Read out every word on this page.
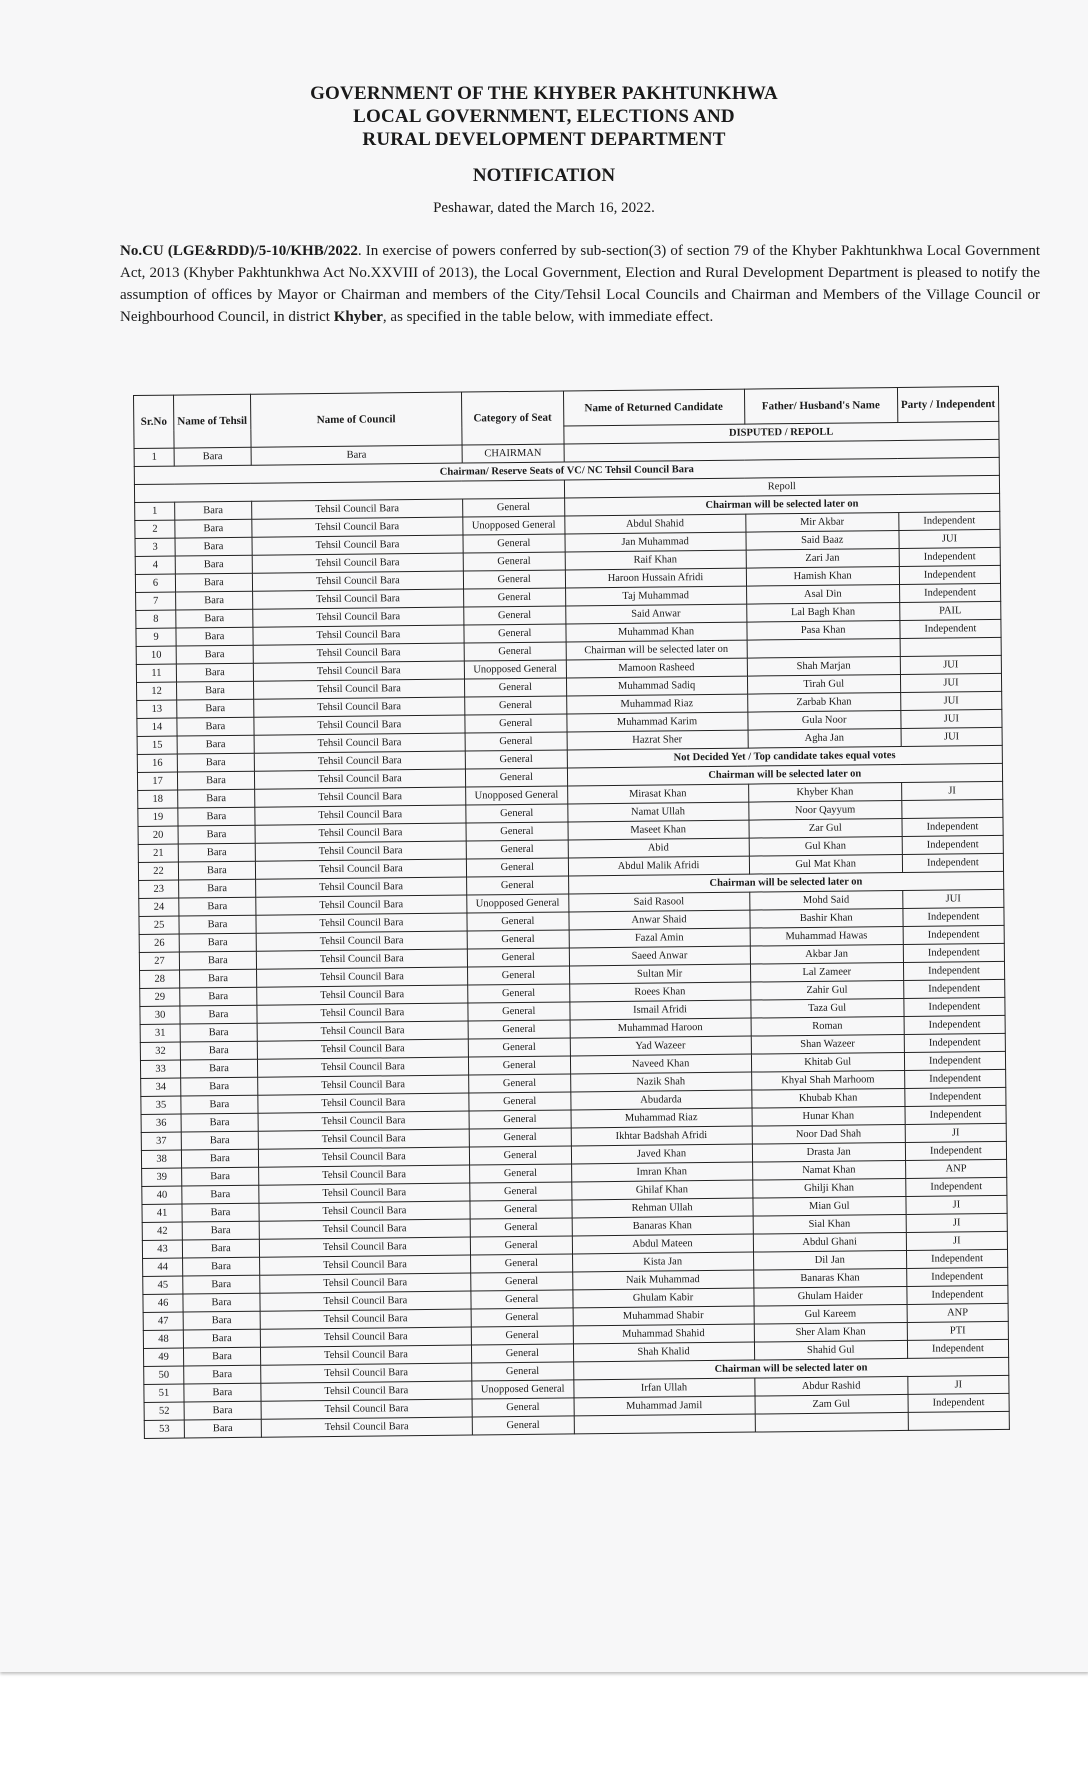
GOVERNMENT OF THE KHYBER PAKHTUNKHWA
LOCAL GOVERNMENT, ELECTIONS AND
RURAL DEVELOPMENT DEPARTMENT
NOTIFICATION
Peshawar, dated the March 16, 2022.
No.CU (LGE&RDD)/5-10/KHB/2022. In exercise of powers conferred by sub-section(3) of section 79 of the Khyber Pakhtunkhwa Local Government Act, 2013 (Khyber Pakhtunkhwa Act No.XXVIII of 2013), the Local Government, Election and Rural Development Department is pleased to notify the assumption of offices by Mayor or Chairman and members of the City/Tehsil Local Councils and Chairman and Members of the Village Council or Neighbourhood Council, in district Khyber, as specified in the table below, with immediate effect.
Sr.No	Name of Tehsil	Name of Council	Category of Seat	Name of Returned Candidate	Father/ Husband's Name	Party / Independent
				DISPUTED / REPOLL		
1	Bara	Bara	CHAIRMAN			
Chairman/ Reserve Seats of VC/ NC Tehsil Council Bara						
				Repoll		
1	Bara	Tehsil Council Bara	General	Chairman will be selected later on		
2	Bara	Tehsil Council Bara	Unopposed General	Abdul Shahid	Mir Akbar	Independent
3	Bara	Tehsil Council Bara	General	Jan Muhammad	Said Baaz	JUI
4	Bara	Tehsil Council Bara	General	Raif Khan	Zari Jan	Independent
6	Bara	Tehsil Council Bara	General	Haroon Hussain Afridi	Hamish Khan	Independent
7	Bara	Tehsil Council Bara	General	Taj Muhammad	Asal Din	Independent
8	Bara	Tehsil Council Bara	General	Said Anwar	Lal Bagh Khan	PAIL
9	Bara	Tehsil Council Bara	General	Muhammad Khan	Pasa Khan	Independent
10	Bara	Tehsil Council Bara	General	Chairman will be selected later on		
11	Bara	Tehsil Council Bara	Unopposed General	Mamoon Rasheed	Shah Marjan	JUI
12	Bara	Tehsil Council Bara	General	Muhammad Sadiq	Tirah Gul	JUI
13	Bara	Tehsil Council Bara	General	Muhammad Riaz	Zarbab Khan	JUI
14	Bara	Tehsil Council Bara	General	Muhammad Karim	Gula Noor	JUI
15	Bara	Tehsil Council Bara	General	Hazrat Sher	Agha Jan	JUI
16	Bara	Tehsil Council Bara	General	Not Decided Yet / Top candidate takes equal votes		
17	Bara	Tehsil Council Bara	General	Chairman will be selected later on		
18	Bara	Tehsil Council Bara	Unopposed General	Mirasat Khan	Khyber Khan	JI
19	Bara	Tehsil Council Bara	General	Namat Ullah	Noor Qayyum	
20	Bara	Tehsil Council Bara	General	Maseet Khan	Zar Gul	Independent
21	Bara	Tehsil Council Bara	General	Abid	Gul Khan	Independent
22	Bara	Tehsil Council Bara	General	Abdul Malik Afridi	Gul Mat Khan	Independent
23	Bara	Tehsil Council Bara	General	Chairman will be selected later on		
24	Bara	Tehsil Council Bara	Unopposed General	Said Rasool	Mohd Said	JUI
25	Bara	Tehsil Council Bara	General	Anwar Shaid	Bashir Khan	Independent
26	Bara	Tehsil Council Bara	General	Fazal Amin	Muhammad Hawas	Independent
27	Bara	Tehsil Council Bara	General	Saeed Anwar	Akbar Jan	Independent
28	Bara	Tehsil Council Bara	General	Sultan Mir	Lal Zameer	Independent
29	Bara	Tehsil Council Bara	General	Roees Khan	Zahir Gul	Independent
30	Bara	Tehsil Council Bara	General	Ismail Afridi	Taza Gul	Independent
31	Bara	Tehsil Council Bara	General	Muhammad Haroon	Roman	Independent
32	Bara	Tehsil Council Bara	General	Yad Wazeer	Shan Wazeer	Independent
33	Bara	Tehsil Council Bara	General	Naveed Khan	Khitab Gul	Independent
34	Bara	Tehsil Council Bara	General	Nazik Shah	Khyal Shah Marhoom	Independent
35	Bara	Tehsil Council Bara	General	Abudarda	Khubab Khan	Independent
36	Bara	Tehsil Council Bara	General	Muhammad Riaz	Hunar Khan	Independent
37	Bara	Tehsil Council Bara	General	Ikhtar Badshah Afridi	Noor Dad Shah	JI
38	Bara	Tehsil Council Bara	General	Javed Khan	Drasta Jan	Independent
39	Bara	Tehsil Council Bara	General	Imran Khan	Namat Khan	ANP
40	Bara	Tehsil Council Bara	General	Ghilaf Khan	Ghilji Khan	Independent
41	Bara	Tehsil Council Bara	General	Rehman Ullah	Mian Gul	JI
42	Bara	Tehsil Council Bara	General	Banaras Khan	Sial Khan	JI
43	Bara	Tehsil Council Bara	General	Abdul Mateen	Abdul Ghani	JI
44	Bara	Tehsil Council Bara	General	Kista Jan	Dil Jan	Independent
45	Bara	Tehsil Council Bara	General	Naik Muhammad	Banaras Khan	Independent
46	Bara	Tehsil Council Bara	General	Ghulam Kabir	Ghulam Haider	Independent
47	Bara	Tehsil Council Bara	General	Muhammad Shabir	Gul Kareem	ANP
48	Bara	Tehsil Council Bara	General	Muhammad Shahid	Sher Alam Khan	PTI
49	Bara	Tehsil Council Bara	General	Shah Khalid	Shahid Gul	Independent
50	Bara	Tehsil Council Bara	General	Chairman will be selected later on		
51	Bara	Tehsil Council Bara	Unopposed General	Irfan Ullah	Abdur Rashid	JI
52	Bara	Tehsil Council Bara	General	Muhammad Jamil	Zam Gul	Independent
53	Bara	Tehsil Council Bara	General			
